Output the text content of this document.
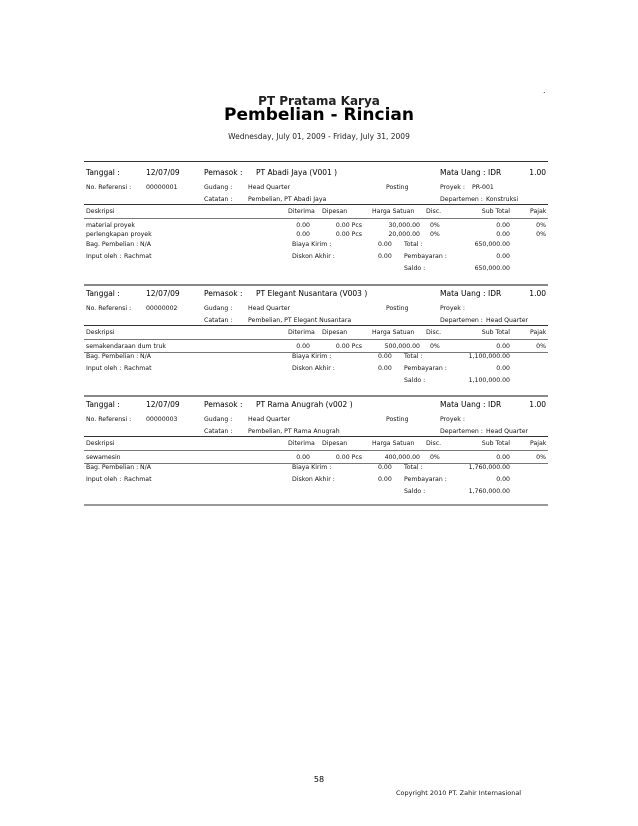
.
PT Pratama Karya
Pembelian - Rincian
Wednesday, July 01, 2009 - Friday, July 31, 2009
Tanggal :	12/07/09	Pemasok : PT Abadi Jaya (V001 )	Mata Uang : IDR	1.00
No. Referensi : 00000001	Gudang :	Head Quarter	Posting	Proyek : PR-001
Catatan : Pembelian, PT Abadi Jaya	Departemen : Konstruksi
Deskripsi	Diterima Dipesan	Harga Satuan Disc.	Sub Total	Pajak
material proyek	0.00	0.00 Pcs	30,000.00 0%	0.00	0%
perlengkapan proyek	0.00	0.00 Pcs	20,000.00 0%	0.00	0%
Bag. Pembelian : N/A	Biaya Kirim :	0.00 Total :	650,000.00
Input oleh : Rachmat	Diskon Akhir :	0.00 Pembayaran :	0.00
Saldo :	650,000.00
Tanggal :	12/07/09	Pemasok : PT Elegant Nusantara (V003 )	Mata Uang : IDR	1.00
No. Referensi : 00000002	Gudang :	Head Quarter	Posting	Proyek :
Catatan : Pembelian, PT Elegant Nusantara	Departemen : Head Quarter
Deskripsi	Diterima Dipesan	Harga Satuan Disc.	Sub Total	Pajak
semakendaraan dum truk	0.00	0.00 Pcs	500,000.00 0%	0.00	0%
Bag. Pembelian : N/A	Biaya Kirim :	0.00 Total :	1,100,000.00
Input oleh : Rachmat	Diskon Akhir :	0.00 Pembayaran :	0.00
Saldo :	1,100,000.00
Tanggal :	12/07/09	Pemasok : PT Rama Anugrah (v002 )	Mata Uang : IDR	1.00
No. Referensi : 00000003	Gudang :	Head Quarter	Posting	Proyek :
Catatan : Pembelian, PT Rama Anugrah	Departemen : Head Quarter
Deskripsi	Diterima Dipesan	Harga Satuan Disc.	Sub Total	Pajak
sewamesin	0.00	0.00 Pcs	400,000.00 0%	0.00	0%
Bag. Pembelian : N/A	Biaya Kirim :	0.00 Total :	1,760,000.00
Input oleh : Rachmat	Diskon Akhir :	0.00 Pembayaran :	0.00
Saldo :	1,760,000.00
58
Copyright 2010 PT. Zahir Internasional
